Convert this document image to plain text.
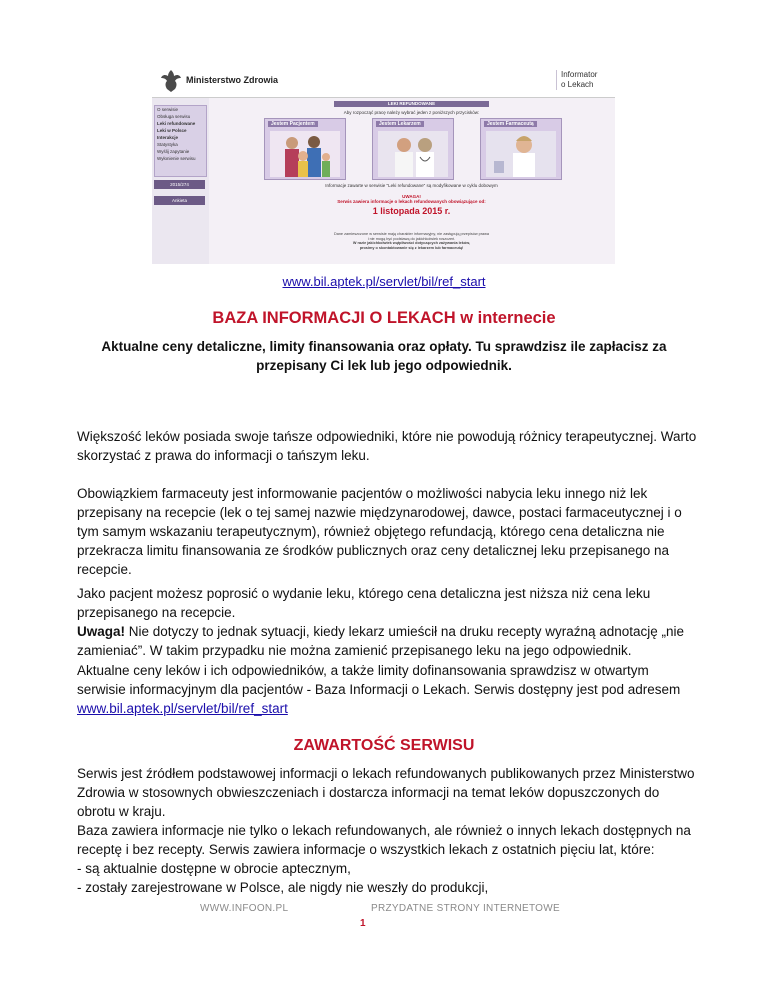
Ministerstwo Zdrowia
Informator
o Lekach
O serwisie
Obsługa serwisu
Leki refundowane
Leki w Polsce
Interakcje
Statystyka
Wyślij zapytanie
Wyłonienie serwisu
2015/274
Ankieta
LEKI REFUNDOWANE
Aby rozpocząć pracę należy wybrać jeden z poniższych przycisków:
Jestem Pacjentem	Jestem Lekarzem	Jestem Farmaceutą
Informacje zawarte w serwisie "Leki refundowane" są modyfikowane w cyklu dobowym
UWAGA!
Serwis zawiera informacje o lekach refundowanych obowiązujące od:
1 listopada 2015 r.
Dane zamieszczone w serwisie mają charakter informacyjny, nie zastępują przepisów prawa
i nie mogą być podstawą do jakichkolwiek roszczeń.
W razie jakichkolwiek wątpliwości dotyczących zażywania leków,
prosimy o skontaktowanie się z lekarzem lub farmaceutą!
www.bil.aptek.pl/servlet/bil/ref_start
BAZA INFORMACJI O LEKACH w internecie

Aktualne ceny detaliczne, limity finansowania oraz opłaty. Tu sprawdzisz ile zapłacisz za przepisany Ci lek lub jego odpowiednik.

Większość leków posiada swoje tańsze odpowiedniki, które nie powodują różnicy terapeutycznej. Warto skorzystać z prawa do informacji o tańszym leku.

Obowiązkiem farmaceuty jest informowanie pacjentów o możliwości nabycia leku innego niż lek przepisany na recepcie (lek o tej samej nazwie międzynarodowej, dawce, postaci farmaceutycznej i o tym samym wskazaniu terapeutycznym), również objętego refundacją, którego cena detaliczna nie przekracza limitu finansowania ze środków publicznych oraz ceny detalicznej leku przepisanego na recepcie.

Jako pacjent możesz poprosić o wydanie leku, którego cena detaliczna jest niższa niż cena leku przepisanego na recepcie.

Uwaga! Nie dotyczy to jednak sytuacji, kiedy lekarz umieścił na druku recepty wyraźną adnotację „nie zamieniać”. W takim przypadku nie można zamienić przepisanego leku na jego odpowiednik.

Aktualne ceny leków i ich odpowiedników, a także limity dofinansowania sprawdzisz w otwartym serwisie informacyjnym dla pacjentów - Baza Informacji o Lekach. Serwis dostępny jest pod adresem www.bil.aptek.pl/servlet/bil/ref_start

ZAWARTOŚĆ SERWISU

Serwis jest źródłem podstawowej informacji o lekach refundowanych publikowanych przez Ministerstwo Zdrowia w stosownych obwieszczeniach i dostarcza informacji na temat leków dopuszczonych do obrotu w kraju.

Baza zawiera informacje nie tylko o lekach refundowanych, ale również o innych lekach dostępnych na receptę i bez recepty. Serwis zawiera informacje o wszystkich lekach z ostatnich pięciu lat, które:

- są aktualnie dostępne w obrocie aptecznym,

- zostały zarejestrowane w Polsce, ale nigdy nie weszły do produkcji,

WWW.INFOON.PL	PRZYDATNE STRONY INTERNETOWE
1
